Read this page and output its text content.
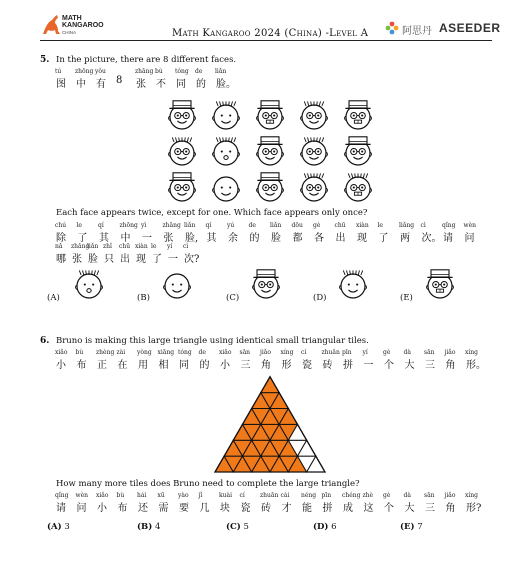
MATH
KANGAROO
CHINA	Math Kangaroo 2024 (China) -Level A	阿思丹 ASEEDER
5. In the picture, there are 8 different faces.
tú zhōng yǒu	zhāng bù tóng de liǎn
图 中 有 8 张 不 同 的 脸。
Each face appears twice, except for one. Which face appears only once?
chú le	qí	zhōng yì	zhāng liǎn qí	yú de liǎn dōu gè chū xiàn le	liǎng cì	qǐng wèn
除 了 其 中 一 张 脸, 其 余 的 脸 都 各 出 现 了 两 次。 请 问
nǎ zhāng
liǎn zhǐ chū xiàn le yí cì
哪 张 脸 只 出 现 了 一 次?
(A)	(B)	(C)	(D)	(E)
6. Bruno is making this large triangle using identical small triangular tiles.
xiǎo bù zhèng zài yòng xiāng tóng de xiǎo sān jiǎo xíng cí	zhuān pīn yí	gè dà sān jiǎo xíng
小 布 正 在 用 相 同 的 小 三 角 形 瓷 砖 拼 一 个 大 三 角 形。
How many more tiles does Bruno need to complete the large triangle?
qǐng wèn xiǎo bù hái xū yào jǐ	kuài cí	zhuān cái néng pīn chéng zhè gè dà sān jiǎo xíng
请 问 小 布 还 需 要 几 块 瓷 砖 才 能 拼 成 这 个 大 三 角 形?
(A) 3	(B) 4	(C) 5	(D) 6	(E) 7
